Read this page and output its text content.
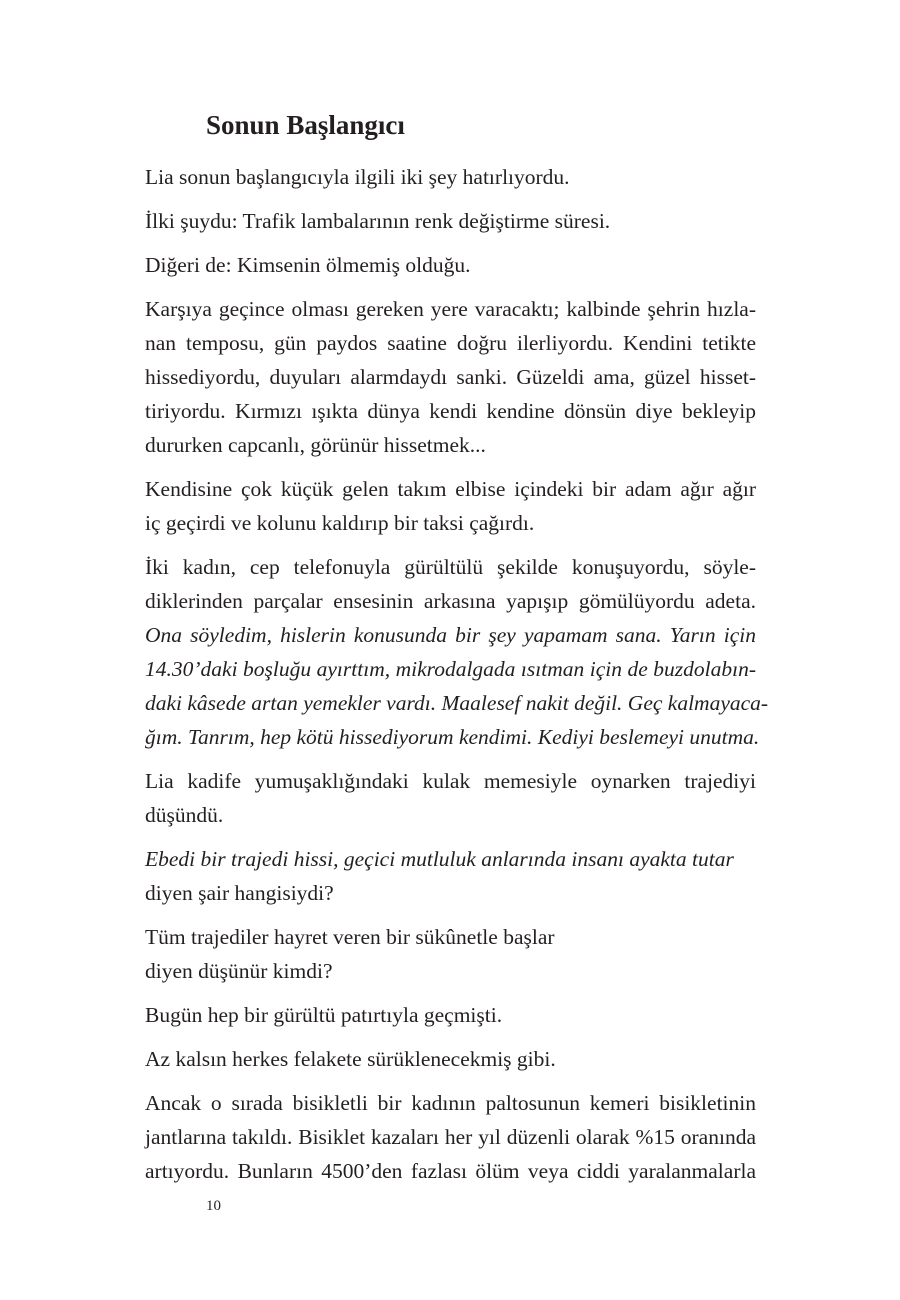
Sonun Başlangıcı

Lia sonun başlangıcıyla ilgili iki şey hatırlıyordu.

İlki şuydu: Trafik lambalarının renk değiştirme süresi.

Diğeri de: Kimsenin ölmemiş olduğu.

Karşıya geçince olması gereken yere varacaktı; kalbinde şehrin hızla-
nan temposu, gün paydos saatine doğru ilerliyordu. Kendini tetikte
hissediyordu, duyuları alarmdaydı sanki. Güzeldi ama, güzel hisset-
tiriyordu. Kırmızı ışıkta dünya kendi kendine dönsün diye bekleyip
dururken capcanlı, görünür hissetmek...

Kendisine çok küçük gelen takım elbise içindeki bir adam ağır ağır
iç geçirdi ve kolunu kaldırıp bir taksi çağırdı.

İki kadın, cep telefonuyla gürültülü şekilde konuşuyordu, söyle-
diklerinden parçalar ensesinin arkasına yapışıp gömülüyordu adeta.
Ona söyledim, hislerin konusunda bir şey yapamam sana. Yarın için
14.30’daki boşluğu ayırttım, mikrodalgada ısıtman için de buzdolabın-
daki kâsede artan yemekler vardı. Maalesef nakit değil. Geç kalmayaca-
ğım. Tanrım, hep kötü hissediyorum kendimi. Kediyi beslemeyi unutma.

Lia kadife yumuşaklığındaki kulak memesiyle oynarken trajediyi
düşündü.

Ebedi bir trajedi hissi, geçici mutluluk anlarında insanı ayakta tutar
diyen şair hangisiydi?

Tüm trajediler hayret veren bir sükûnetle başlar
diyen düşünür kimdi?

Bugün hep bir gürültü patırtıyla geçmişti.

Az kalsın herkes felakete sürüklenecekmiş gibi.

Ancak o sırada bisikletli bir kadının paltosunun kemeri bisikletinin
jantlarına takıldı. Bisiklet kazaları her yıl düzenli olarak %15 oranında
artıyordu. Bunların 4500’den fazlası ölüm veya ciddi yaralanmalarla

10
